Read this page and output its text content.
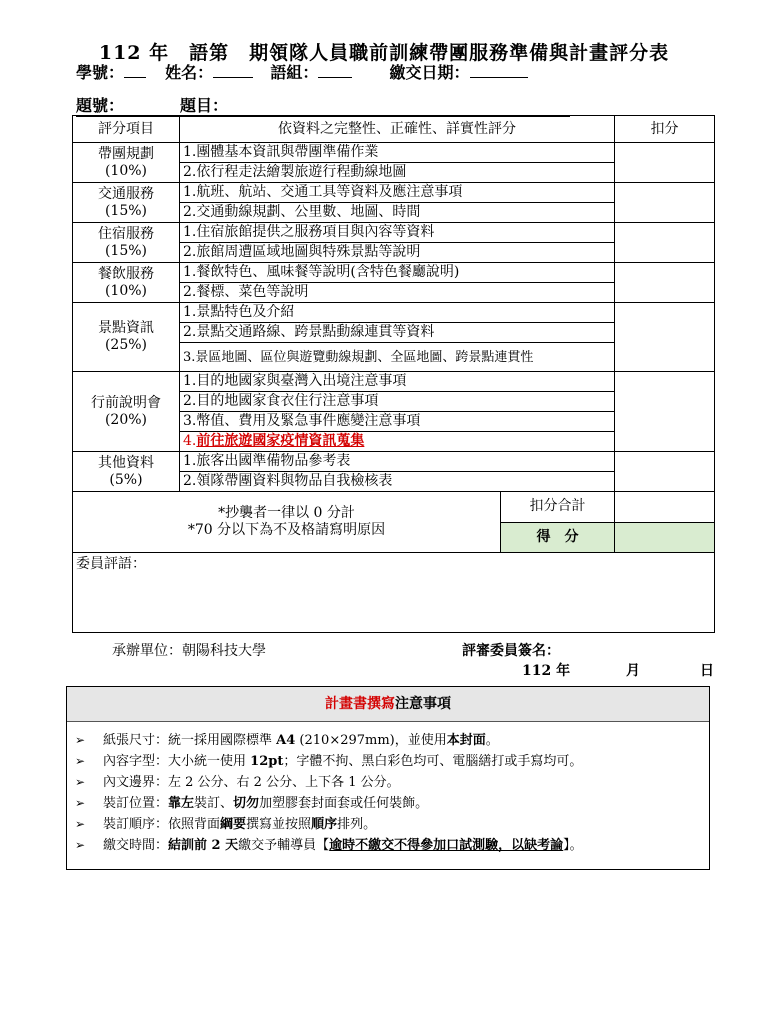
112 年　語第　期領隊人員職前訓練帶團服務準備與計畫評分表
學號：	姓名：	語組：	繳交日期：
題號：	題目：
評分項目	依資料之完整性、正確性、詳實性評分		扣分

帶團規劃
(10%)	1.團體基本資訊與帶團準備作業		
	2.依行程走法繪製旅遊行程動線地圖		

交通服務
(15%)	1.航班、航站、交通工具等資料及應注意事項		
	2.交通動線規劃、公里數、地圖、時間		

住宿服務
(15%)	1.住宿旅館提供之服務項目與內容等資料		
	2.旅館周遭區域地圖與特殊景點等說明		

餐飲服務
(10%)	1.餐飲特色、風味餐等說明(含特色餐廳說明)		
	2.餐標、菜色等說明		

景點資訊
(25%)	1.景點特色及介紹		
	2.景點交通路線、跨景點動線連貫等資料		
	3.景區地圖、區位與遊覽動線規劃、全區地圖、跨景點連貫性		

行前說明會
(20%)	1.目的地國家與臺灣入出境注意事項		
	2.目的地國家食衣住行注意事項		
	3.幣值、費用及緊急事件應變注意事項		
	4.前往旅遊國家疫情資訊蒐集		

其他資料
(5%)	1.旅客出國準備物品參考表		
	2.領隊帶團資料與物品自我檢核表		

*抄襲者一律以 0 分計
*70 分以下為不及格請寫明原因		扣分合計	
		得　分	
委員評語：			
承辦單位：朝陽科技大學	評審委員簽名：
112 年	月	日
計畫書撰寫注意事項
➢ 紙張尺寸：統一採用國際標準 A4 (210×297mm)，並使用本封面。
➢ 內容字型：大小統一使用 12pt；字體不拘、黑白彩色均可、電腦繕打或手寫均可。
➢ 內文邊界：左 2 公分、右 2 公分、上下各 1 公分。
➢ 裝訂位置：靠左裝訂、切勿加塑膠套封面套或任何裝飾。
➢ 裝訂順序：依照背面綱要撰寫並按照順序排列。
➢ 繳交時間：結訓前 2 天繳交予輔導員【逾時不繳交不得參加口試測驗，以缺考論】。
